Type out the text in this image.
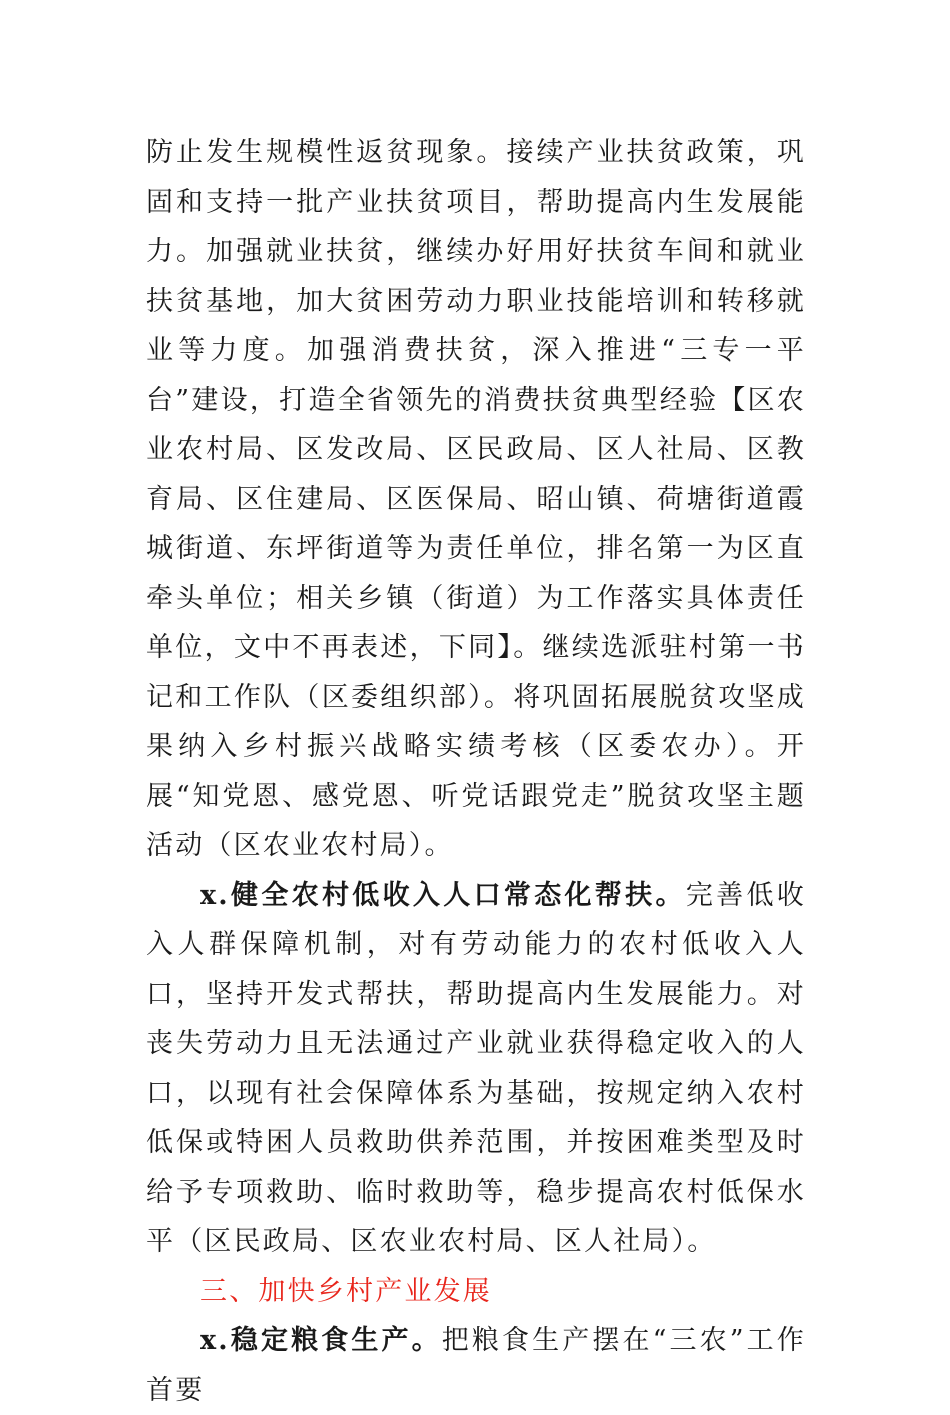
防止发生规模性返贫现象。接续产业扶贫政策，巩固和支持一批产业扶贫项目，帮助提高内生发展能力。加强就业扶贫，继续办好用好扶贫车间和就业扶贫基地，加大贫困劳动力职业技能培训和转移就业等力度。加强消费扶贫，深入推进“三专一平台”建设，打造全省领先的消费扶贫典型经验【区农业农村局、区发改局、区民政局、区人社局、区教育局、区住建局、区医保局、昭山镇、荷塘街道霞城街道、东坪街道等为责任单位，排名第一为区直牵头单位；相关乡镇（街道）为工作落实具体责任单位，文中不再表述，下同】。继续选派驻村第一书记和工作队（区委组织部）。将巩固拓展脱贫攻坚成果纳入乡村振兴战略实绩考核（区委农办）。开展“知党恩、感党恩、听党话跟党走”脱贫攻坚主题活动（区农业农村局）。

x.健全农村低收入人口常态化帮扶。完善低收入人群保障机制，对有劳动能力的农村低收入人口，坚持开发式帮扶，帮助提高内生发展能力。对丧失劳动力且无法通过产业就业获得稳定收入的人口，以现有社会保障体系为基础，按规定纳入农村低保或特困人员救助供养范围，并按困难类型及时给予专项救助、临时救助等，稳步提高农村低保水平（区民政局、区农业农村局、区人社局）。

三、加快乡村产业发展

x.稳定粮食生产。把粮食生产摆在“三农”工作首要
